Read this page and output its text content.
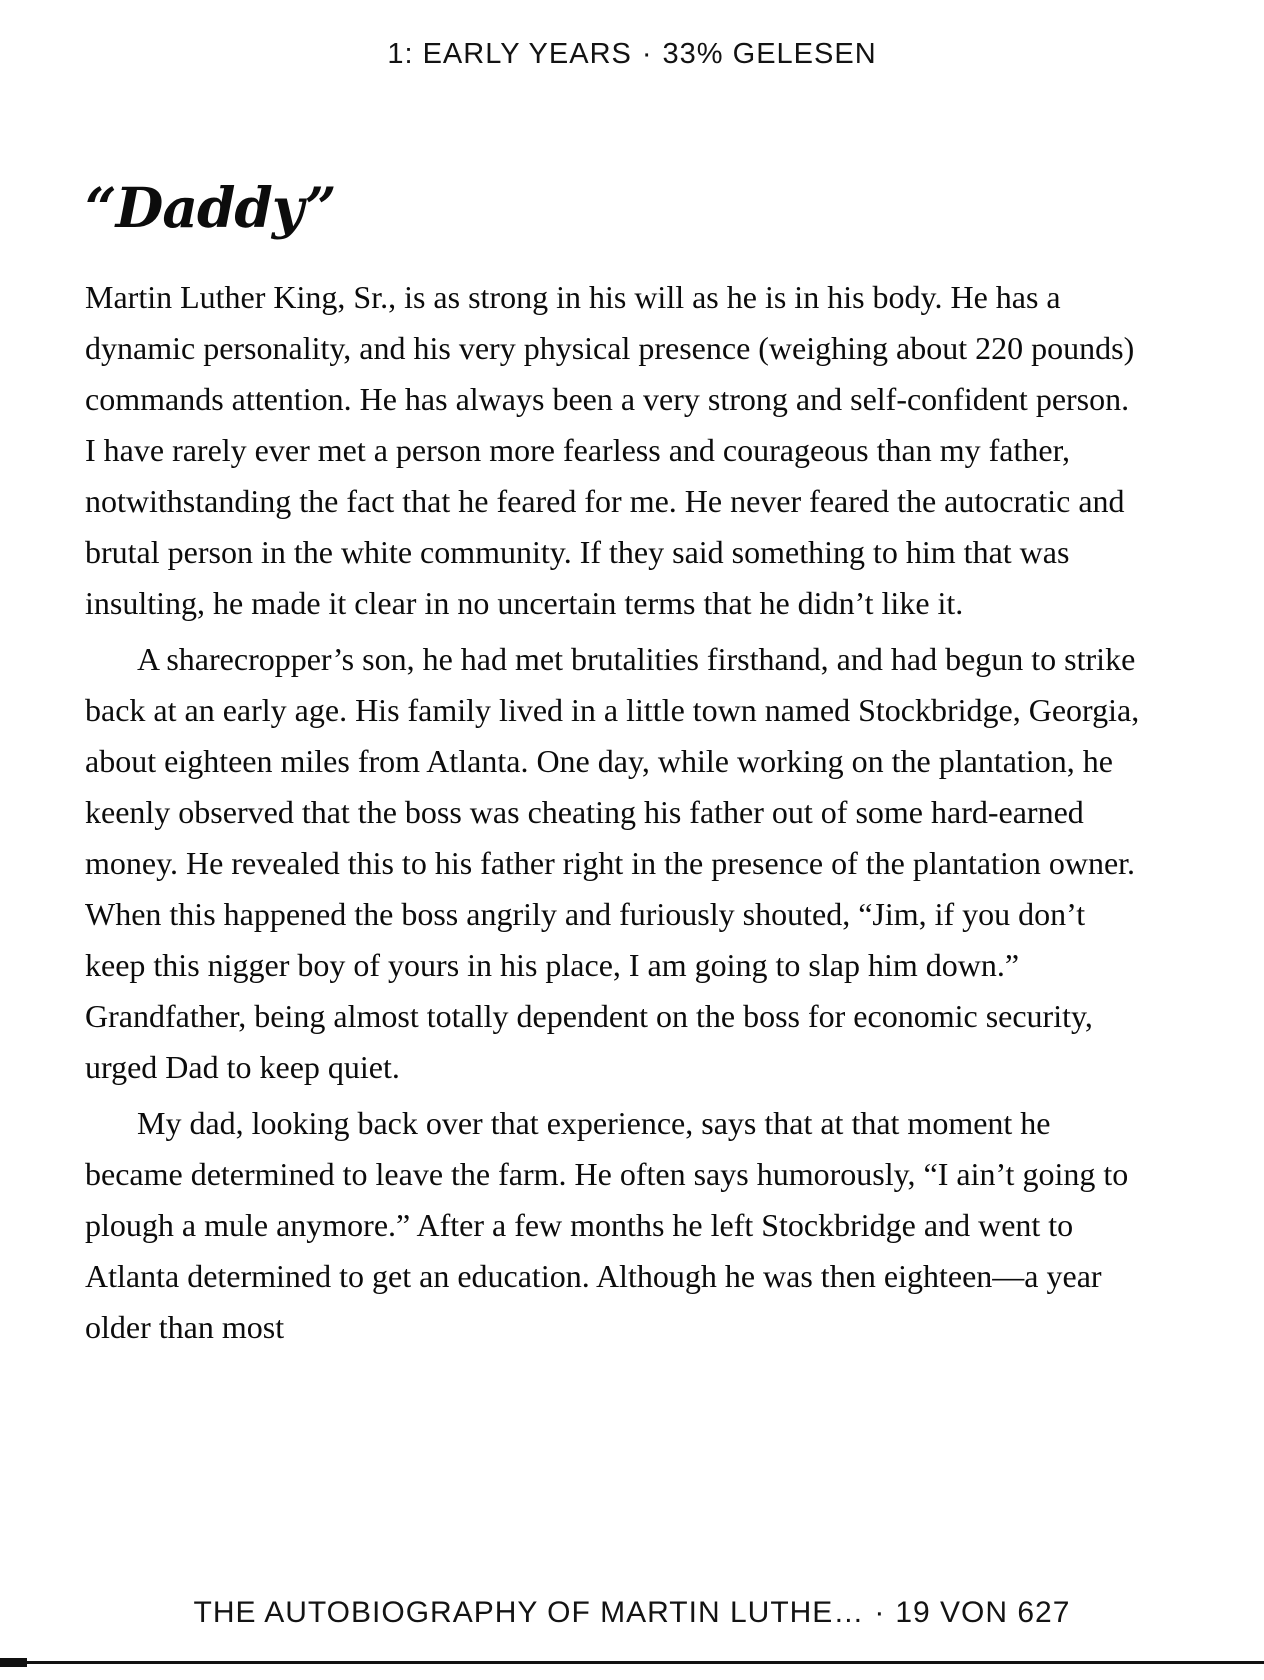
1: EARLY YEARS · 33% GELESEN
“Daddy”

Martin Luther King, Sr., is as strong in his will as he is in his body. He has a dynamic personality, and his very physical presence (weighing about 220 pounds) commands attention. He has always been a very strong and self-confident person. I have rarely ever met a person more fearless and courageous than my father, notwithstanding the fact that he feared for me. He never feared the autocratic and brutal person in the white community. If they said something to him that was insulting, he made it clear in no uncertain terms that he didn’t like it.

A sharecropper’s son, he had met brutalities firsthand, and had begun to strike back at an early age. His family lived in a little town named Stockbridge, Georgia, about eighteen miles from Atlanta. One day, while working on the plantation, he keenly observed that the boss was cheating his father out of some hard-earned money. He revealed this to his father right in the presence of the plantation owner. When this happened the boss angrily and furiously shouted, “Jim, if you don’t keep this nigger boy of yours in his place, I am going to slap him down.” Grandfather, being almost totally dependent on the boss for economic security, urged Dad to keep quiet.

My dad, looking back over that experience, says that at that moment he became determined to leave the farm. He often says humorously, “I ain’t going to plough a mule anymore.” After a few months he left Stockbridge and went to Atlanta determined to get an education. Although he was then eighteen—a year older than most

THE AUTOBIOGRAPHY OF MARTIN LUTHE… · 19 VON 627
